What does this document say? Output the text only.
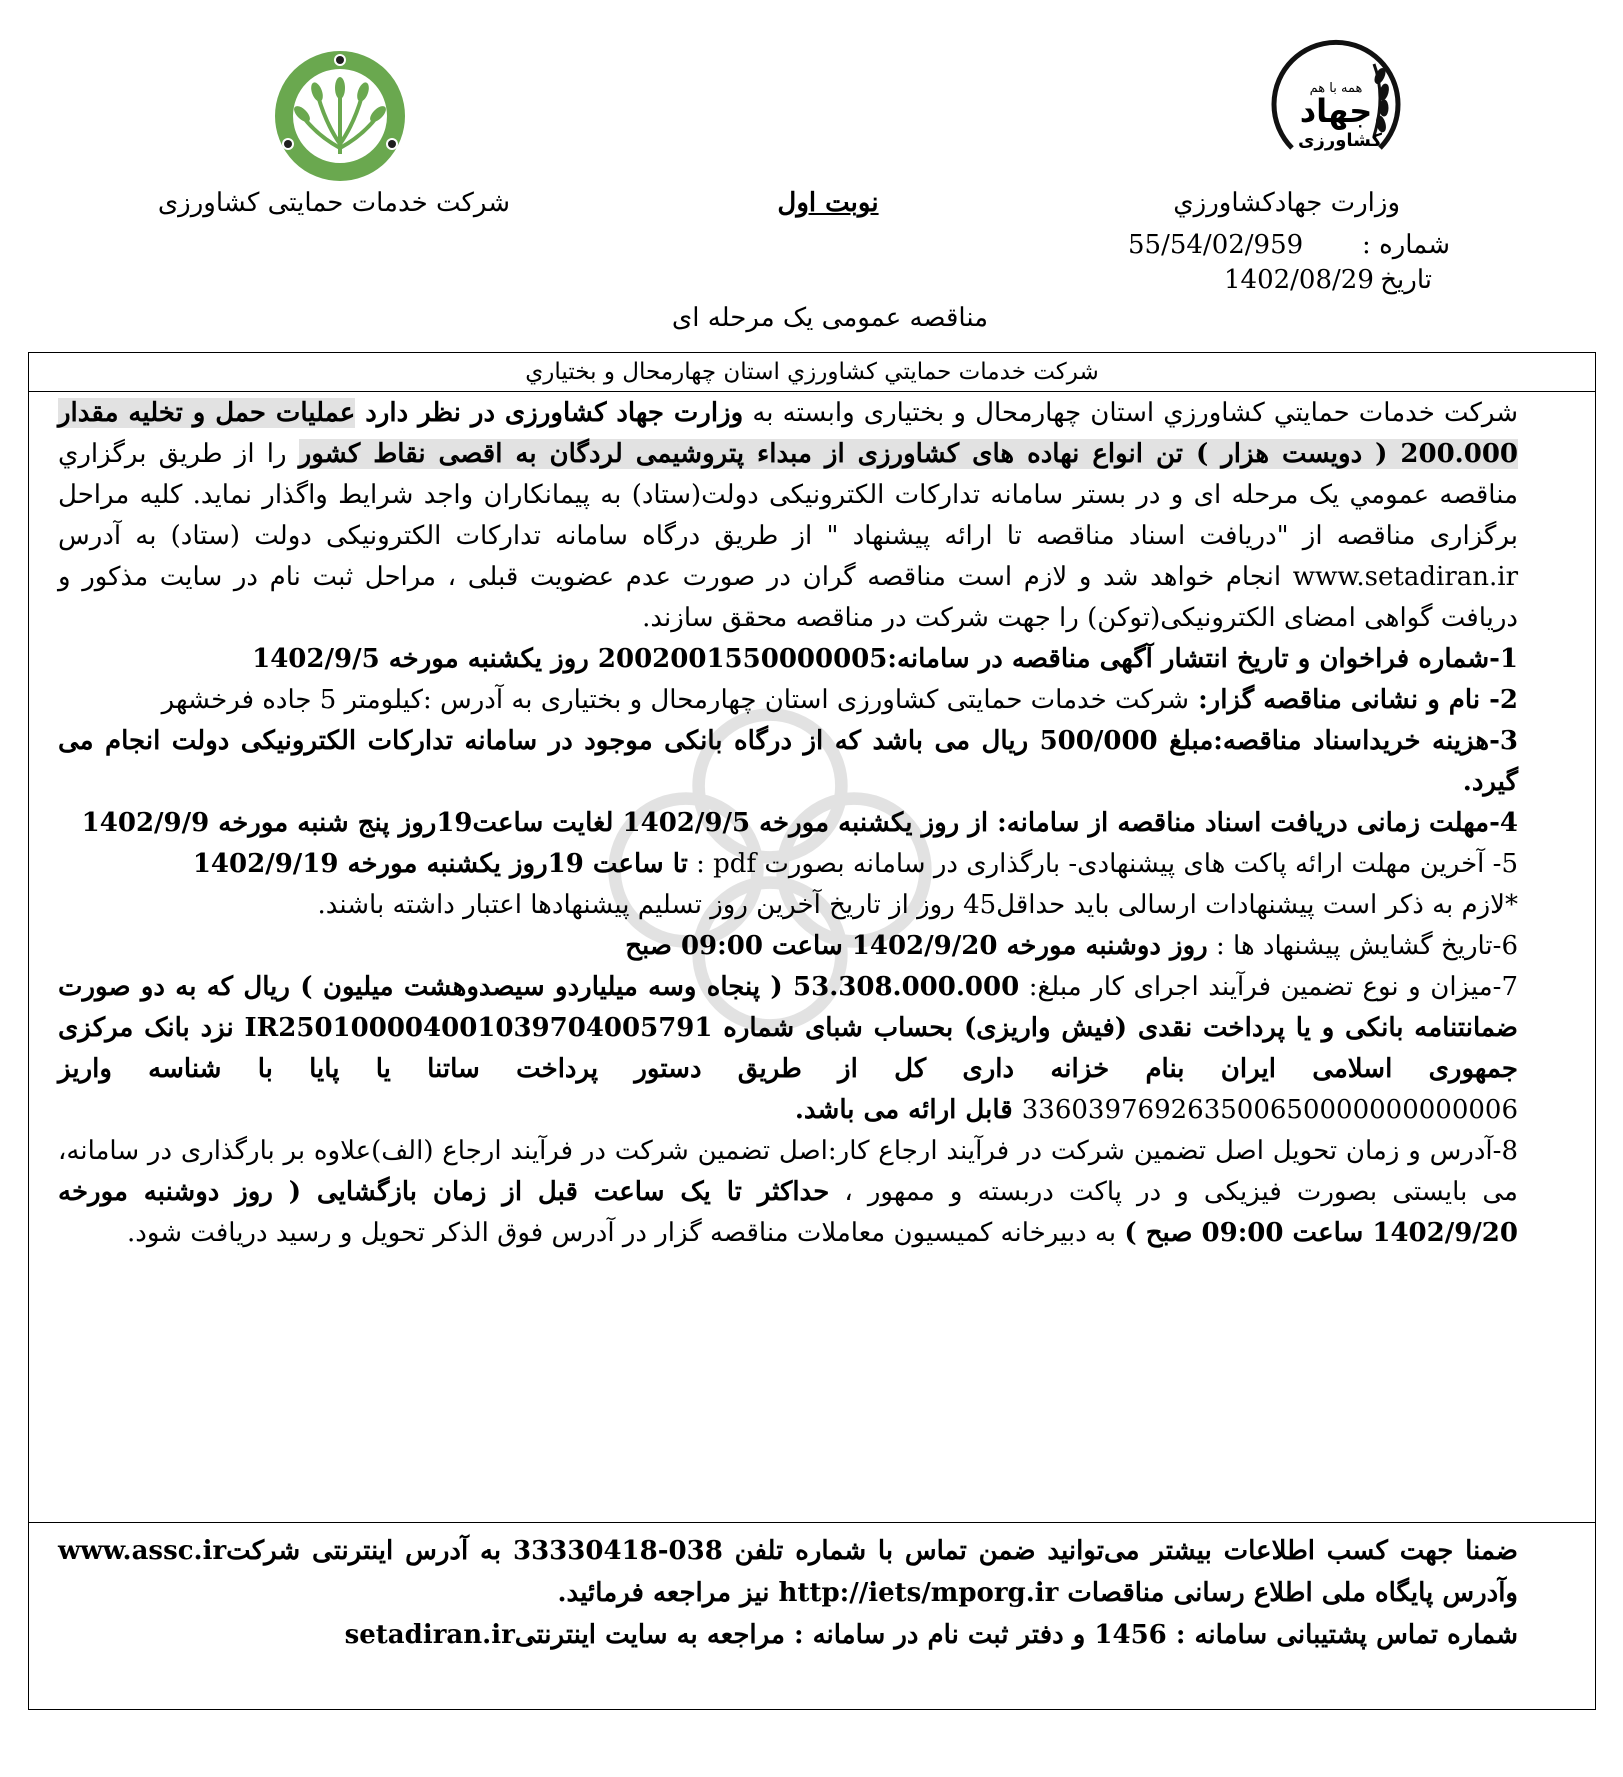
همه با هم
جهاد
کشاورزی
شرکت خدمات حمایتی کشاورزی	نوبت اول	وزارت جهادکشاورزي
شماره :
55/54/02/959
تاریخ
1402/08/29
مناقصه عمومی یک مرحله ای
شرکت خدمات حمايتي کشاورزي استان چهارمحال و بختياري

شرکت خدمات حمايتي کشاورزي استان چهارمحال و بختياری وابسته به وزارت جهاد کشاورزی در نظر دارد عملیات حمل و تخلیه مقدار 200.000 ( دویست هزار ) تن انواع نهاده های کشاورزی از مبداء پتروشیمی لردگان به اقصی نقاط کشور را از طريق برگزاري مناقصه عمومي یک مرحله ای و در بستر سامانه تدارکات الکترونیکی دولت(ستاد) به پیمانکاران واجد شرایط واگذار نماید. کلیه مراحل برگزاری مناقصه از "دریافت اسناد مناقصه تا ارائه پیشنهاد " از طریق درگاه سامانه تدارکات الکترونیکی دولت (ستاد) به آدرس www.setadiran.ir انجام خواهد شد و لازم است مناقصه گران در صورت عدم عضویت قبلی ، مراحل ثبت نام در سایت مذکور و دریافت گواهی امضای الکترونیکی(توکن) را جهت شرکت در مناقصه محقق سازند.

1-شماره فراخوان و تاریخ انتشار آگهی مناقصه در سامانه:2002001550000005 روز یکشنبه مورخه 1402/9/5

2- نام و نشانی مناقصه گزار: شرکت خدمات حمایتی کشاورزی استان چهارمحال و بختیاری به آدرس :کیلومتر 5 جاده فرخشهر

3-هزینه خریداسناد مناقصه:مبلغ 500/000 ریال می باشد که از درگاه بانکی موجود در سامانه تدارکات الکترونیکی دولت انجام می گیرد.

4-مهلت زمانی دریافت اسناد مناقصه از سامانه: از روز یکشنبه مورخه 1402/9/5 لغایت ساعت19روز پنج شنبه مورخه 1402/9/9

5- آخرین مهلت ارائه پاکت های پیشنهادی- بارگذاری در سامانه بصورت pdf : تا ساعت 19روز یکشنبه مورخه 1402/9/19

*لازم به ذکر است پیشنهادات ارسالی باید حداقل45 روز از تاریخ آخرین روز تسلیم پیشنهادها اعتبار داشته باشند.

6-تاریخ گشایش پیشنهاد ها : روز دوشنبه مورخه 1402/9/20 ساعت 09:00 صبح

7-میزان و نوع تضمین فرآیند اجرای کار مبلغ: 53.308.000.000 ( پنجاه وسه میلیاردو سیصدوهشت میلیون ) ریال که به دو صورت ضمانتنامه بانکی و یا پرداخت نقدی (فیش واریزی) بحساب شبای شماره IR250100004001039704005791 نزد بانک مرکزی جمهوری اسلامی ایران بنام خزانه داری کل از طریق دستور پرداخت ساتنا یا پایا با شناسه واریز 336039769263500650000000000006 قابل ارائه می باشد.

8-آدرس و زمان تحویل اصل تضمین شرکت در فرآیند ارجاع کار:اصل تضمین شرکت در فرآیند ارجاع (الف)علاوه بر بارگذاری در سامانه، می بایستی بصورت فیزیکی و در پاکت دربسته و ممهور ، حداکثر تا یک ساعت قبل از زمان بازگشایی ( روز دوشنبه مورخه 1402/9/20 ساعت 09:00 صبح ) به دبیرخانه کمیسیون معاملات مناقصه گزار در آدرس فوق الذکر تحویل و رسید دریافت شود.

ضمنا جهت کسب اطلاعات بیشتر می‌توانید ضمن تماس با شماره تلفن 038-33330418 به آدرس اینترنتی شرکتwww.assc.ir وآدرس پایگاه ملی اطلاع رسانی مناقصات http://iets/mporg.ir نیز مراجعه فرمائید.

شماره تماس پشتیبانی سامانه : 1456 و دفتر ثبت نام در سامانه : مراجعه به سایت اینترنتیsetadiran.ir
